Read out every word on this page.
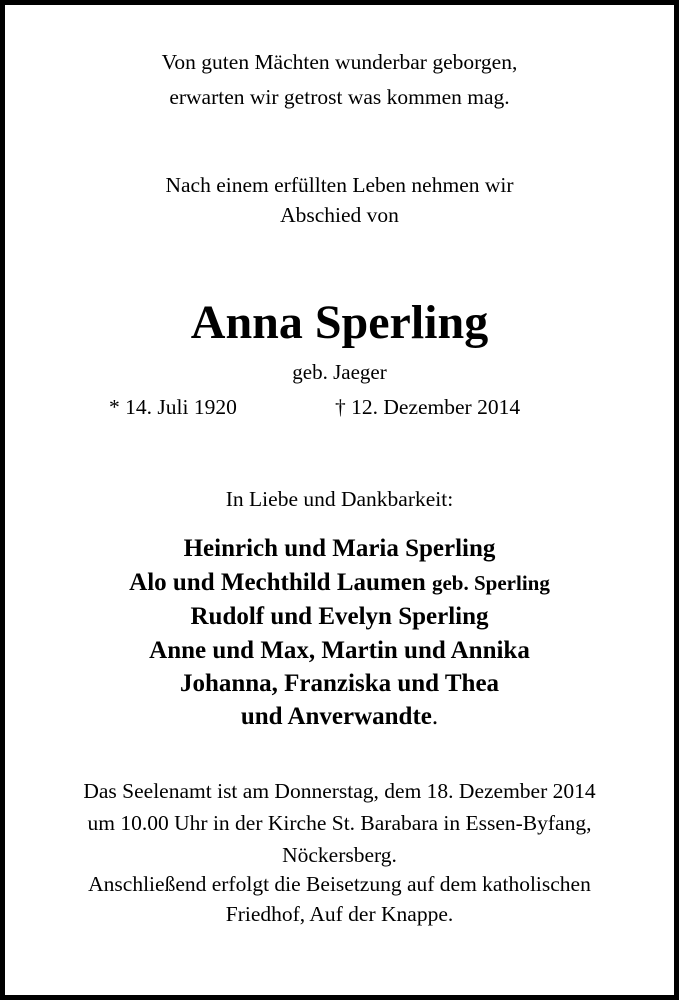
Von guten Mächten wunderbar geborgen,
erwarten wir getrost was kommen mag.
Nach einem erfüllten Leben nehmen wir
Abschied von
Anna Sperling
geb. Jaeger
* 14. Juli 1920	† 12. Dezember 2014
In Liebe und Dankbarkeit:
Heinrich und Maria Sperling
Alo und Mechthild Laumen geb. Sperling
Rudolf und Evelyn Sperling
Anne und Max, Martin und Annika
Johanna, Franziska und Thea
und Anverwandte.
Das Seelenamt ist am Donnerstag, dem 18. Dezember 2014
um 10.00 Uhr in der Kirche St. Barabara in Essen-Byfang,
Nöckersberg.
Anschließend erfolgt die Beisetzung auf dem katholischen
Friedhof, Auf der Knappe.
